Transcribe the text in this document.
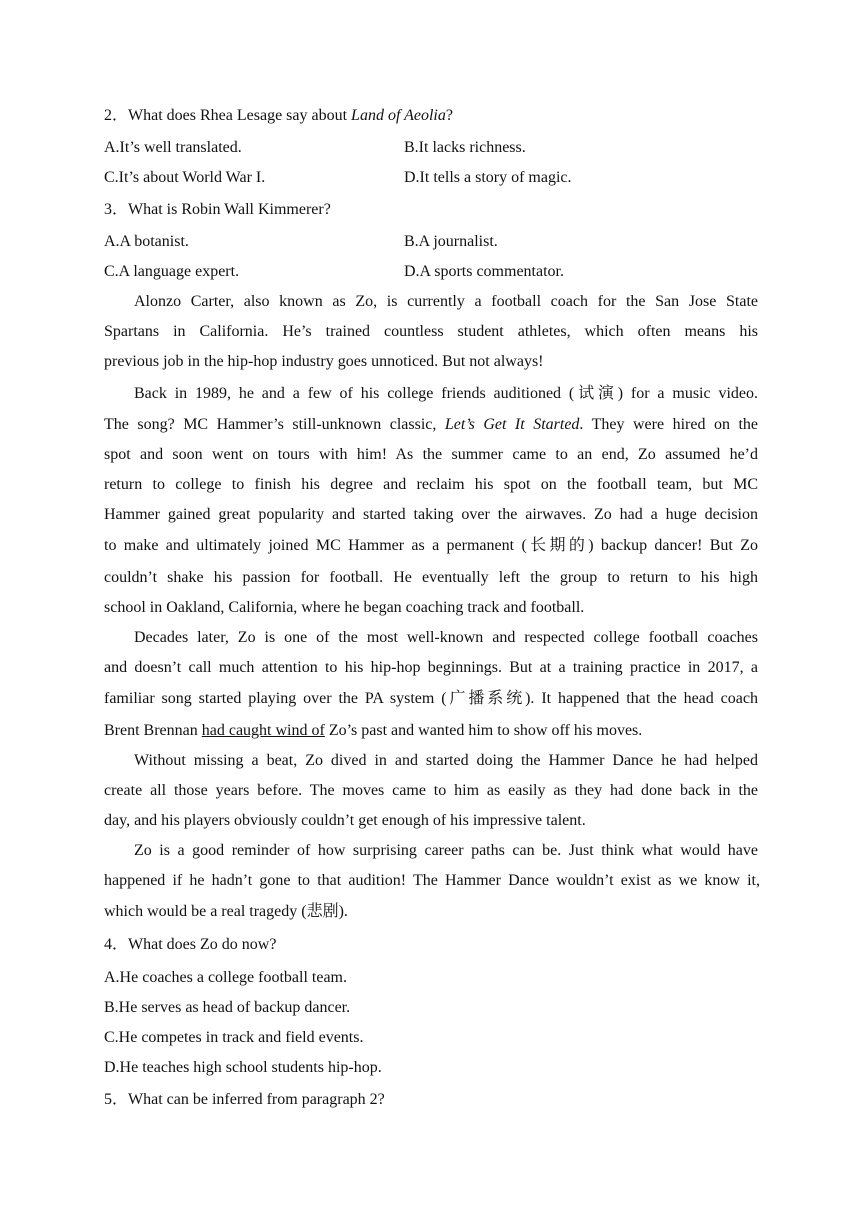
2．What does Rhea Lesage say about Land of Aeolia?
A.It’s well translated.	B.It lacks richness.
C.It’s about World War I.	D.It tells a story of magic.
3．What is Robin Wall Kimmerer?
A.A botanist.	B.A journalist.
C.A language expert.	D.A sports commentator.
Alonzo Carter, also known as Zo, is currently a football coach for the San Jose State
Spartans in California. He’s trained countless student athletes, which often means his
previous job in the hip-hop industry goes unnoticed. But not always!
Back in 1989, he and a few of his college friends auditioned (试演) for a music video.
The song? MC Hammer’s still-unknown classic, Let’s Get It Started. They were hired on the
spot and soon went on tours with him! As the summer came to an end, Zo assumed he’d
return to college to finish his degree and reclaim his spot on the football team, but MC
Hammer gained great popularity and started taking over the airwaves. Zo had a huge decision
to make and ultimately joined MC Hammer as a permanent (长期的) backup dancer! But Zo
couldn’t shake his passion for football. He eventually left the group to return to his high
school in Oakland, California, where he began coaching track and football.
Decades later, Zo is one of the most well-known and respected college football coaches
and doesn’t call much attention to his hip-hop beginnings. But at a training practice in 2017, a
familiar song started playing over the PA system (广播系统). It happened that the head coach
Brent Brennan had caught wind of Zo’s past and wanted him to show off his moves.
Without missing a beat, Zo dived in and started doing the Hammer Dance he had helped
create all those years before. The moves came to him as easily as they had done back in the
day, and his players obviously couldn’t get enough of his impressive talent.
Zo is a good reminder of how surprising career paths can be. Just think what would have
happened if he hadn’t gone to that audition! The Hammer Dance wouldn’t exist as we know it,
which would be a real tragedy (悲剧).
4．What does Zo do now?
A.He coaches a college football team.
B.He serves as head of backup dancer.
C.He competes in track and field events.
D.He teaches high school students hip-hop.
5．What can be inferred from paragraph 2?
